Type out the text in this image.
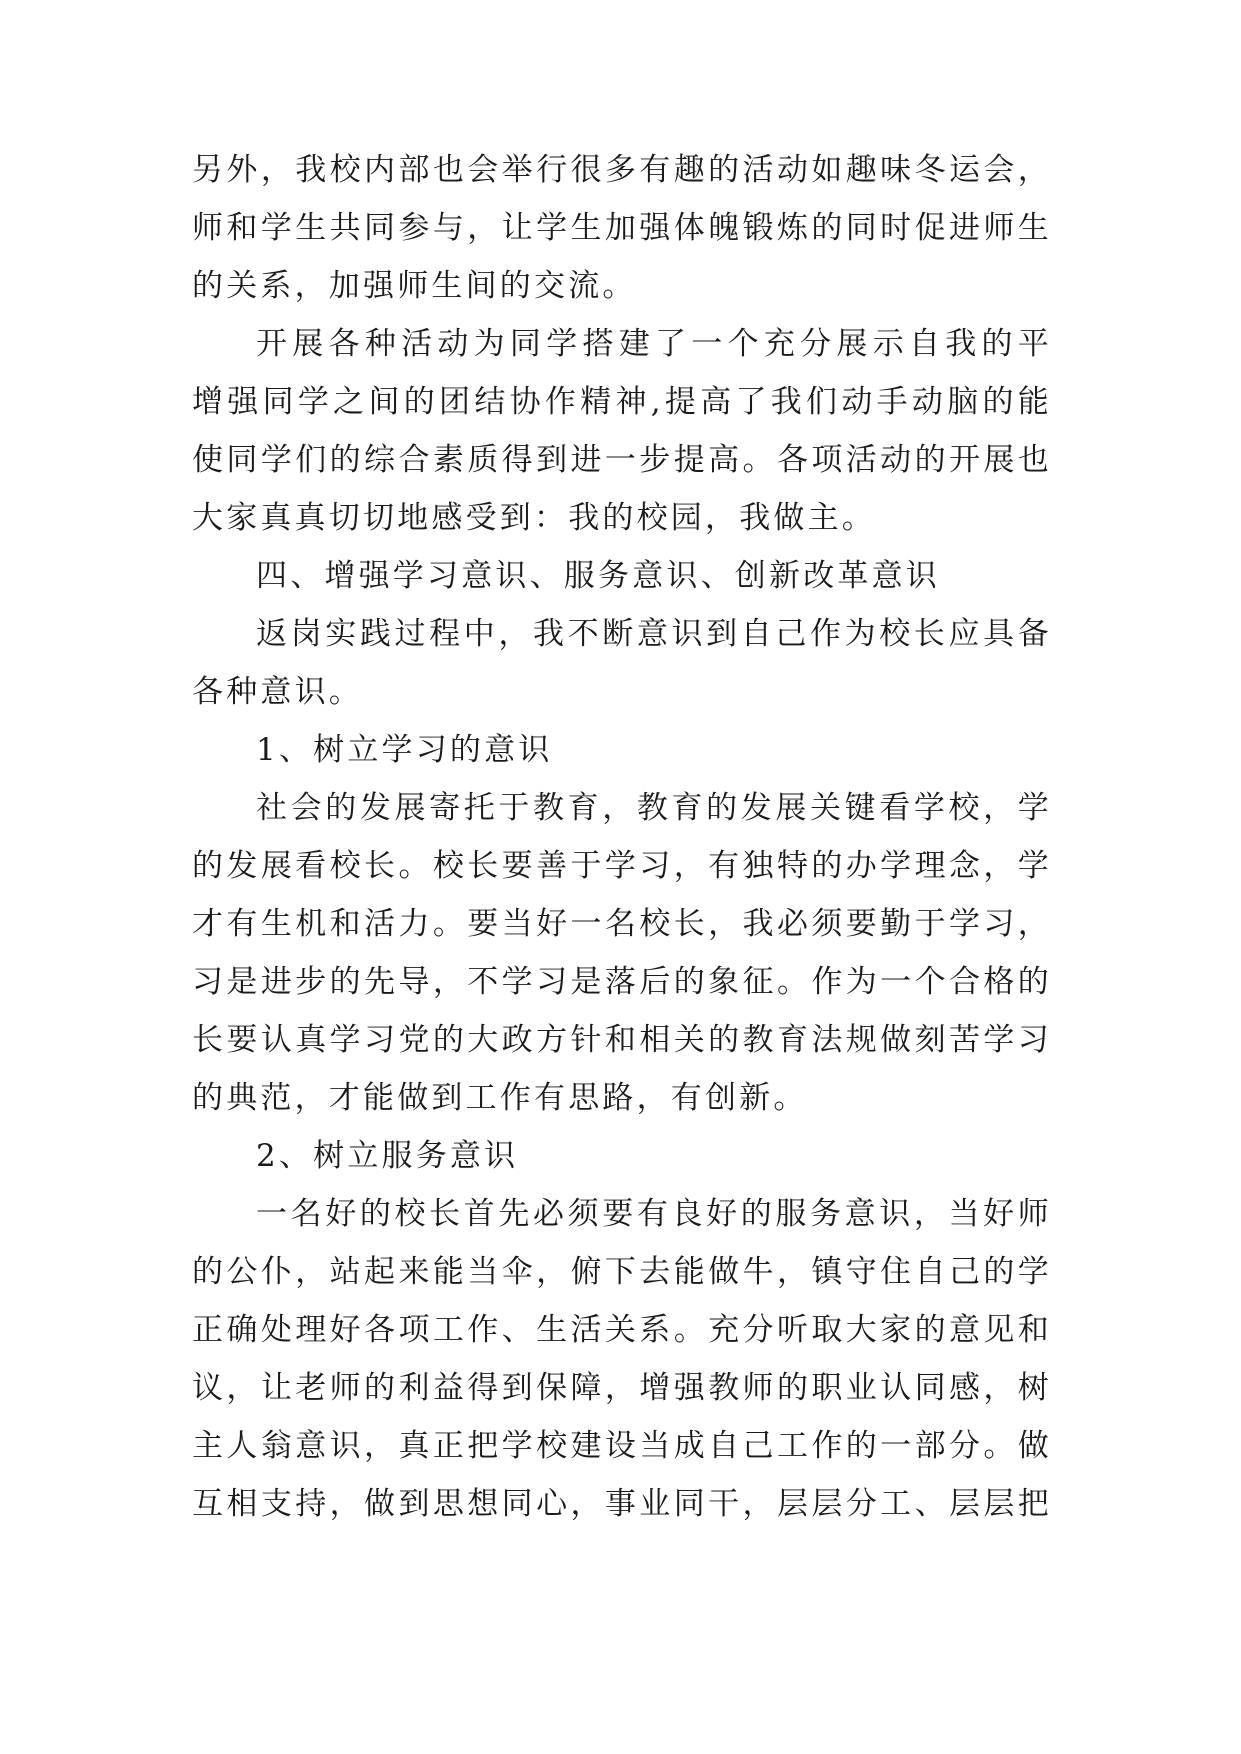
另外，我校内部也会举行很多有趣的活动如趣味冬运会，
师和学生共同参与，让学生加强体魄锻炼的同时促进师生
的关系，加强师生间的交流。
开展各种活动为同学搭建了一个充分展示自我的平
增强同学之间的团结协作精神,提高了我们动手动脑的能
使同学们的综合素质得到进一步提高。各项活动的开展也
大家真真切切地感受到：我的校园，我做主。
四、增强学习意识、服务意识、创新改革意识
返岗实践过程中，我不断意识到自己作为校长应具备
各种意识。
1、树立学习的意识
社会的发展寄托于教育，教育的发展关键看学校，学
的发展看校长。校长要善于学习，有独特的办学理念，学
才有生机和活力。要当好一名校长，我必须要勤于学习，
习是进步的先导，不学习是落后的象征。作为一个合格的
长要认真学习党的大政方针和相关的教育法规做刻苦学习
的典范，才能做到工作有思路，有创新。
2、树立服务意识
一名好的校长首先必须要有良好的服务意识，当好师
的公仆，站起来能当伞，俯下去能做牛，镇守住自己的学
正确处理好各项工作、生活关系。充分听取大家的意见和
议，让老师的利益得到保障，增强教师的职业认同感，树
主人翁意识，真正把学校建设当成自己工作的一部分。做
互相支持，做到思想同心，事业同干，层层分工、层层把
